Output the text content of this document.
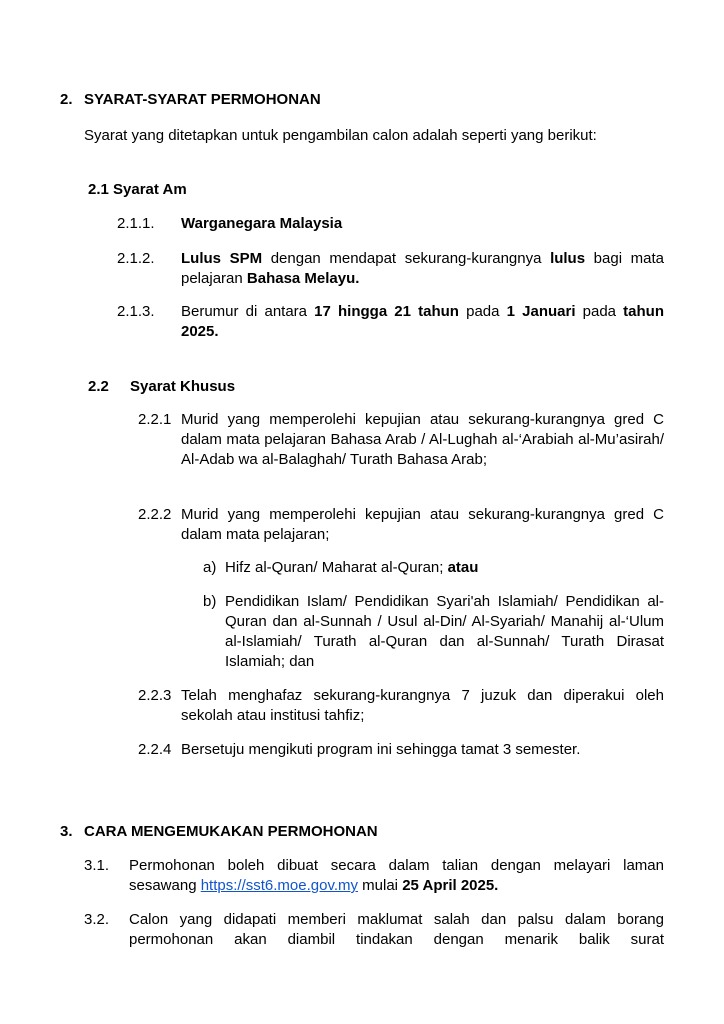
2. SYARAT-SYARAT PERMOHONAN
Syarat yang ditetapkan untuk pengambilan calon adalah seperti yang berikut:
2.1 Syarat Am
2.1.1. Warganegara Malaysia
2.1.2. Lulus SPM dengan mendapat sekurang-kurangnya lulus bagi mata pelajaran Bahasa Melayu.
2.1.3. Berumur di antara 17 hingga 21 tahun pada 1 Januari pada tahun 2025.
2.2 Syarat Khusus
2.2.1 Murid yang memperolehi kepujian atau sekurang-kurangnya gred C dalam mata pelajaran Bahasa Arab / Al-Lughah al-‘Arabiah al-Mu’asirah/ Al-Adab wa al-Balaghah/ Turath Bahasa Arab;
2.2.2 Murid yang memperolehi kepujian atau sekurang-kurangnya gred C dalam mata pelajaran;
a) Hifz al-Quran/ Maharat al-Quran; atau
b) Pendidikan Islam/ Pendidikan Syari'ah Islamiah/ Pendidikan al-Quran dan al-Sunnah / Usul al-Din/ Al-Syariah/ Manahij al-‘Ulum al-Islamiah/ Turath al-Quran dan al-Sunnah/ Turath Dirasat Islamiah; dan
2.2.3 Telah menghafaz sekurang-kurangnya 7 juzuk dan diperakui oleh sekolah atau institusi tahfiz;
2.2.4 Bersetuju mengikuti program ini sehingga tamat 3 semester.
3. CARA MENGEMUKAKAN PERMOHONAN
3.1. Permohonan boleh dibuat secara dalam talian dengan melayari laman sesawang https://sst6.moe.gov.my mulai 25 April 2025.
3.2. Calon yang didapati memberi maklumat salah dan palsu dalam borang permohonan akan diambil tindakan dengan menarik balik surat
